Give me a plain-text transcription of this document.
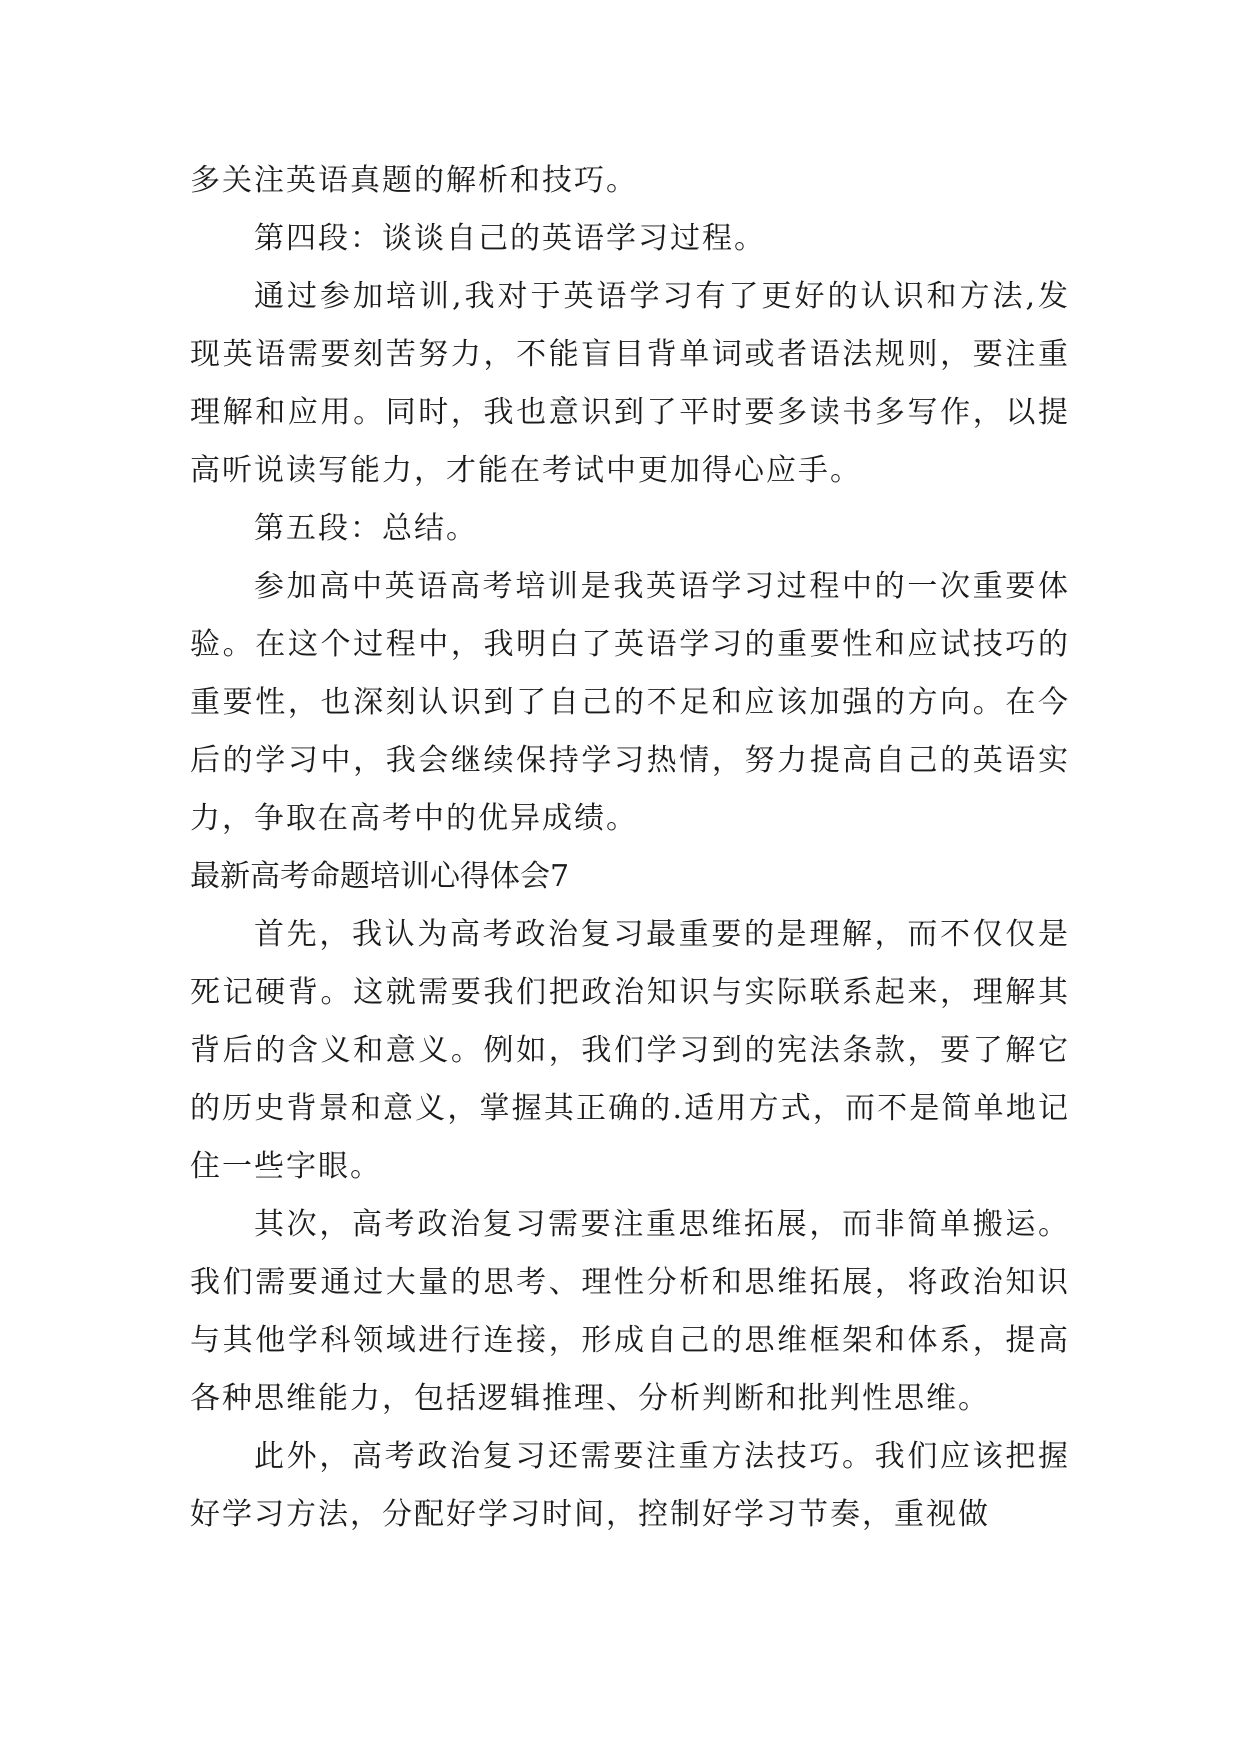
多关注英语真题的解析和技巧。

第四段：谈谈自己的英语学习过程。

通过参加培训,我对于英语学习有了更好的认识和方法,发现英语需要刻苦努力，不能盲目背单词或者语法规则，要注重理解和应用。同时，我也意识到了平时要多读书多写作，以提高听说读写能力，才能在考试中更加得心应手。

第五段：总结。

参加高中英语高考培训是我英语学习过程中的一次重要体验。在这个过程中，我明白了英语学习的重要性和应试技巧的重要性，也深刻认识到了自己的不足和应该加强的方向。在今后的学习中，我会继续保持学习热情，努力提高自己的英语实力，争取在高考中的优异成绩。

最新高考命题培训心得体会7

首先，我认为高考政治复习最重要的是理解，而不仅仅是死记硬背。这就需要我们把政治知识与实际联系起来，理解其背后的含义和意义。例如，我们学习到的宪法条款，要了解它的历史背景和意义，掌握其正确的.适用方式，而不是简单地记住一些字眼。

其次，高考政治复习需要注重思维拓展，而非简单搬运。我们需要通过大量的思考、理性分析和思维拓展，将政治知识与其他学科领域进行连接，形成自己的思维框架和体系，提高各种思维能力，包括逻辑推理、分析判断和批判性思维。

此外，高考政治复习还需要注重方法技巧。我们应该把握好学习方法，分配好学习时间，控制好学习节奏，重视做
